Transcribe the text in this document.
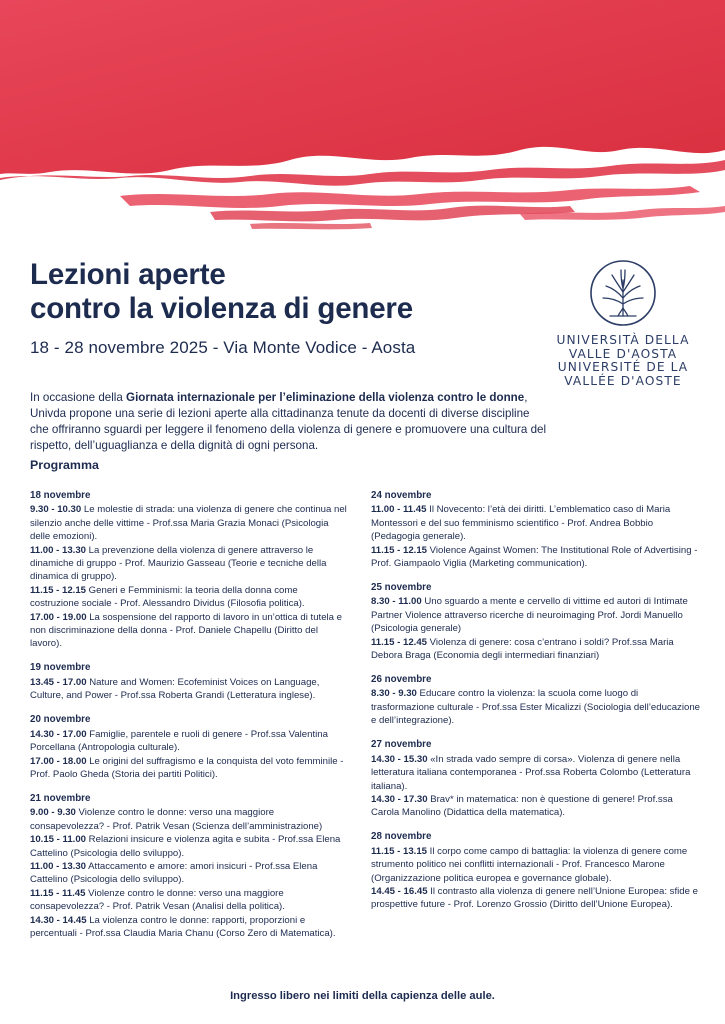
Lezioni aperte
contro la violenza di genere

18 - 28 novembre 2025 - Via Monte Vodice - Aosta	UNIVERSITÀ DELLA
VALLE D'AOSTA
UNIVERSITÉ DE LA
VALLÉE D'AOSTE

In occasione della Giornata internazionale per l’eliminazione della violenza contro le donne, Univda propone una serie di lezioni aperte alla cittadinanza tenute da docenti di diverse discipline che offriranno sguardi per leggere il fenomeno della violenza di genere e promuovere una cultura del rispetto, dell’uguaglianza e della dignità di ogni persona.

Programma
18 novembre

9.30 - 10.30 Le molestie di strada: una violenza di genere che continua nel silenzio anche delle vittime - Prof.ssa Maria Grazia Monaci (Psicologia delle emozioni).

11.00 - 13.30 La prevenzione della violenza di genere attraverso le dinamiche di gruppo - Prof. Maurizio Gasseau (Teorie e tecniche della dinamica di gruppo).

11.15 - 12.15 Generi e Femminismi: la teoria della donna come costruzione sociale - Prof. Alessandro Dividus (Filosofia politica).

17.00 - 19.00 La sospensione del rapporto di lavoro in un’ottica di tutela e non discriminazione della donna - Prof. Daniele Chapellu (Diritto del lavoro).

19 novembre

13.45 - 17.00 Nature and Women: Ecofeminist Voices on Language, Culture, and Power - Prof.ssa Roberta Grandi (Letteratura inglese).

20 novembre

14.30 - 17.00 Famiglie, parentele e ruoli di genere - Prof.ssa Valentina Porcellana (Antropologia culturale).

17.00 - 18.00 Le origini del suffragismo e la conquista del voto femminile - Prof. Paolo Gheda (Storia dei partiti Politici).

21 novembre

9.00 - 9.30 Violenze contro le donne: verso una maggiore consapevolezza? - Prof. Patrik Vesan (Scienza dell’amministrazione)

10.15 - 11.00 Relazioni insicure e violenza agita e subita - Prof.ssa Elena Cattelino (Psicologia dello sviluppo).

11.00 - 13.30 Attaccamento e amore: amori insicuri - Prof.ssa Elena Cattelino (Psicologia dello sviluppo).

11.15 - 11.45 Violenze contro le donne: verso una maggiore consapevolezza? - Prof. Patrik Vesan (Analisi della politica).

14.30 - 14.45 La violenza contro le donne: rapporti, proporzioni e percentuali - Prof.ssa Claudia Maria Chanu (Corso Zero di Matematica).

24 novembre

11.00 - 11.45 Il Novecento: l’età dei diritti. L’emblematico caso di Maria Montessori e del suo femminismo scientifico - Prof. Andrea Bobbio (Pedagogia generale).

11.15 - 12.15 Violence Against Women: The Institutional Role of Advertising - Prof. Giampaolo Viglia (Marketing communication).

25 novembre

8.30 - 11.00 Uno sguardo a mente e cervello di vittime ed autori di Intimate Partner Violence attraverso ricerche di neuroimaging Prof. Jordi Manuello (Psicologia generale)

11.15 - 12.45 Violenza di genere: cosa c’entrano i soldi? Prof.ssa Maria Debora Braga (Economia degli intermediari finanziari)

26 novembre

8.30 - 9.30 Educare contro la violenza: la scuola come luogo di trasformazione culturale - Prof.ssa Ester Micalizzi (Sociologia dell’educazione e dell’integrazione).

27 novembre

14.30 - 15.30 «In strada vado sempre di corsa». Violenza di genere nella letteratura italiana contemporanea - Prof.ssa Roberta Colombo (Letteratura italiana).

14.30 - 17.30 Brav* in matematica: non è questione di genere! Prof.ssa Carola Manolino (Didattica della matematica).

28 novembre

11.15 - 13.15 Il corpo come campo di battaglia: la violenza di genere come strumento politico nei conflitti internazionali - Prof. Francesco Marone (Organizzazione politica europea e governance globale).

14.45 - 16.45 Il contrasto alla violenza di genere nell’Unione Europea: sfide e prospettive future - Prof. Lorenzo Grossio (Diritto dell’Unione Europea).

Ingresso libero nei limiti della capienza delle aule.
